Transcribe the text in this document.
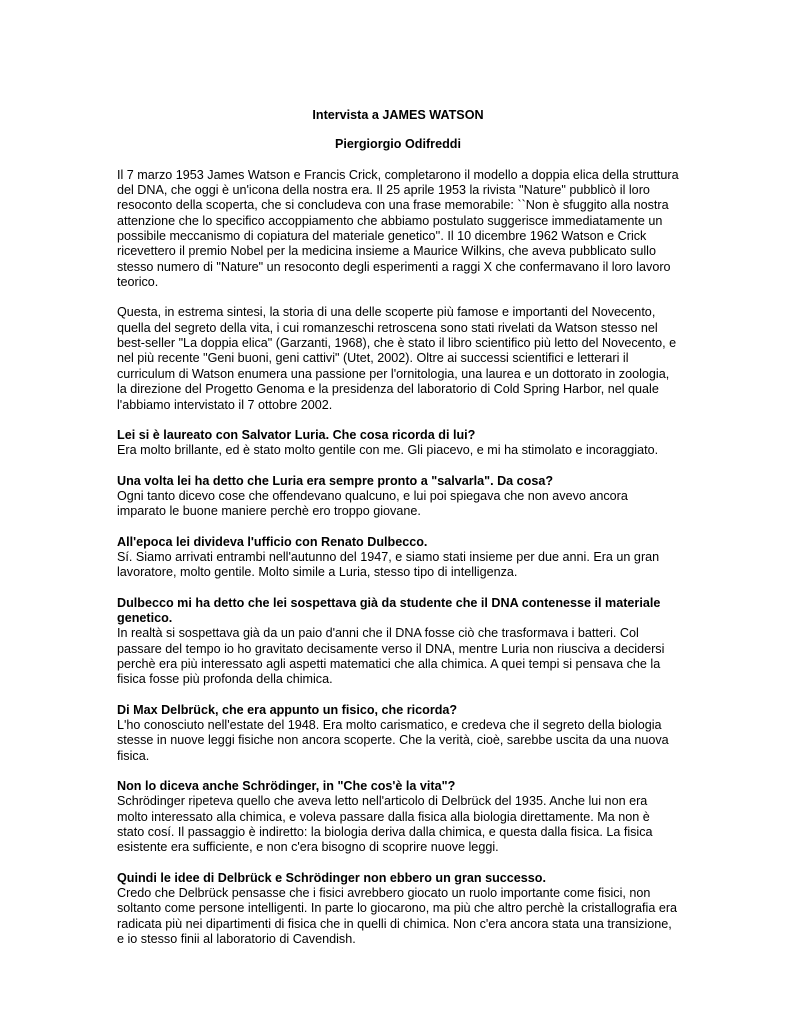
Intervista a JAMES WATSON

Piergiorgio Odifreddi

Il 7 marzo 1953 James Watson e Francis Crick, completarono il modello a doppia elica della struttura del DNA, che oggi è un'icona della nostra era. Il 25 aprile 1953 la rivista "Nature" pubblicò il loro resoconto della scoperta, che si concludeva con una frase memorabile: ``Non è sfuggito alla nostra attenzione che lo specifico accoppiamento che abbiamo postulato suggerisce immediatamente un possibile meccanismo di copiatura del materiale genetico''. Il 10 dicembre 1962 Watson e Crick ricevettero il premio Nobel per la medicina insieme a Maurice Wilkins, che aveva pubblicato sullo stesso numero di "Nature" un resoconto degli esperimenti a raggi X che confermavano il loro lavoro teorico.

Questa, in estrema sintesi, la storia di una delle scoperte più famose e importanti del Novecento, quella del segreto della vita, i cui romanzeschi retroscena sono stati rivelati da Watson stesso nel best-seller "La doppia elica" (Garzanti, 1968), che è stato il libro scientifico più letto del Novecento, e nel più recente "Geni buoni, geni cattivi" (Utet, 2002). Oltre ai successi scientifici e letterari il curriculum di Watson enumera una passione per l'ornitologia, una laurea e un dottorato in zoologia, la direzione del Progetto Genoma e la presidenza del laboratorio di Cold Spring Harbor, nel quale l'abbiamo intervistato il 7 ottobre 2002.

Lei si è laureato con Salvator Luria. Che cosa ricorda di lui?

Era molto brillante, ed è stato molto gentile con me. Gli piacevo, e mi ha stimolato e incoraggiato.

Una volta lei ha detto che Luria era sempre pronto a "salvarla". Da cosa?

Ogni tanto dicevo cose che offendevano qualcuno, e lui poi spiegava che non avevo ancora imparato le buone maniere perchè ero troppo giovane.

All'epoca lei divideva l'ufficio con Renato Dulbecco.

Sí. Siamo arrivati entrambi nell'autunno del 1947, e siamo stati insieme per due anni. Era un gran lavoratore, molto gentile. Molto simile a Luria, stesso tipo di intelligenza.

Dulbecco mi ha detto che lei sospettava già da studente che il DNA contenesse il materiale genetico.

In realtà si sospettava già da un paio d'anni che il DNA fosse ciò che trasformava i batteri. Col passare del tempo io ho gravitato decisamente verso il DNA, mentre Luria non riusciva a decidersi perchè era più interessato agli aspetti matematici che alla chimica. A quei tempi si pensava che la fisica fosse più profonda della chimica.

Di Max Delbrück, che era appunto un fisico, che ricorda?

L'ho conosciuto nell'estate del 1948. Era molto carismatico, e credeva che il segreto della biologia stesse in nuove leggi fisiche non ancora scoperte. Che la verità, cioè, sarebbe uscita da una nuova fisica.

Non lo diceva anche Schrödinger, in "Che cos'è la vita"?

Schrödinger ripeteva quello che aveva letto nell'articolo di Delbrück del 1935. Anche lui non era molto interessato alla chimica, e voleva passare dalla fisica alla biologia direttamente. Ma non è stato cosí. Il passaggio è indiretto: la biologia deriva dalla chimica, e questa dalla fisica. La fisica esistente era sufficiente, e non c'era bisogno di scoprire nuove leggi.

Quindi le idee di Delbrück e Schrödinger non ebbero un gran successo.

Credo che Delbrück pensasse che i fisici avrebbero giocato un ruolo importante come fisici, non soltanto come persone intelligenti. In parte lo giocarono, ma più che altro perchè la cristallografia era radicata più nei dipartimenti di fisica che in quelli di chimica. Non c'era ancora stata una transizione, e io stesso finii al laboratorio di Cavendish.
